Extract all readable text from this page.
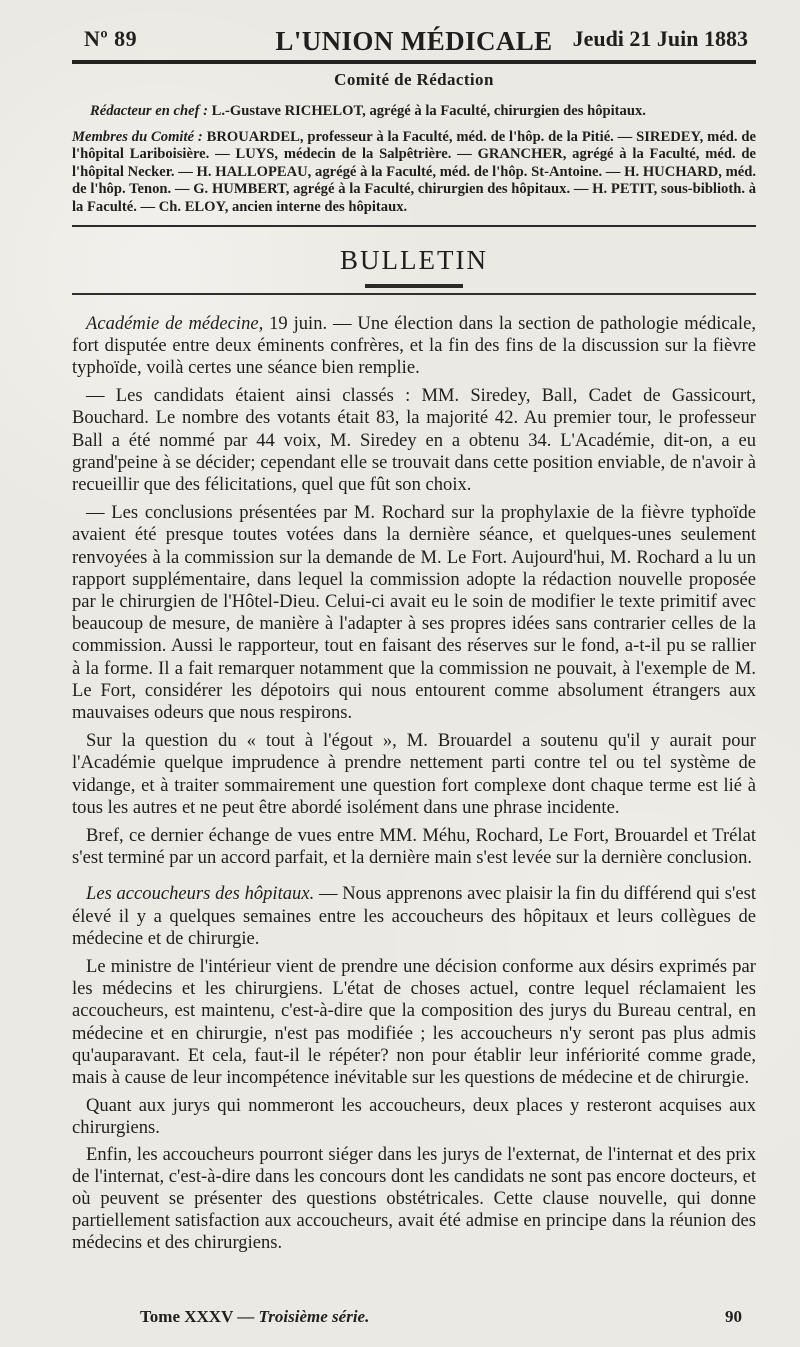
Nº 89	L'UNION MÉDICALE Jeudi 21 Juin 1883
Comité de Rédaction

Rédacteur en chef : L.-Gustave RICHELOT, agrégé à la Faculté, chirurgien des hôpitaux.

Membres du Comité : BROUARDEL, professeur à la Faculté, méd. de l'hôp. de la Pitié. — SIREDEY, méd. de l'hôpital Lariboisière. — LUYS, médecin de la Salpêtrière. — GRANCHER, agrégé à la Faculté, méd. de l'hôpital Necker. — H. HALLOPEAU, agrégé à la Faculté, méd. de l'hôp. St-Antoine. — H. HUCHARD, méd. de l'hôp. Tenon. — G. HUMBERT, agrégé à la Faculté, chirurgien des hôpitaux. — H. PETIT, sous-biblioth. à la Faculté. — Ch. ELOY, ancien interne des hôpitaux.

BULLETIN

Académie de médecine, 19 juin. — Une élection dans la section de pathologie médicale, fort disputée entre deux éminents confrères, et la fin des fins de la discussion sur la fièvre typhoïde, voilà certes une séance bien remplie.

— Les candidats étaient ainsi classés : MM. Siredey, Ball, Cadet de Gassicourt, Bouchard. Le nombre des votants était 83, la majorité 42. Au premier tour, le professeur Ball a été nommé par 44 voix, M. Siredey en a obtenu 34. L'Académie, dit-on, a eu grand'peine à se décider; cependant elle se trouvait dans cette position enviable, de n'avoir à recueillir que des félicitations, quel que fût son choix.

— Les conclusions présentées par M. Rochard sur la prophylaxie de la fièvre typhoïde avaient été presque toutes votées dans la dernière séance, et quelques-unes seulement renvoyées à la commission sur la demande de M. Le Fort. Aujourd'hui, M. Rochard a lu un rapport supplémentaire, dans lequel la commission adopte la rédaction nouvelle proposée par le chirurgien de l'Hôtel-Dieu. Celui-ci avait eu le soin de modifier le texte primitif avec beaucoup de mesure, de manière à l'adapter à ses propres idées sans contrarier celles de la commission. Aussi le rapporteur, tout en faisant des réserves sur le fond, a-t-il pu se rallier à la forme. Il a fait remarquer notamment que la commission ne pouvait, à l'exemple de M. Le Fort, considérer les dépotoirs qui nous entourent comme absolument étrangers aux mauvaises odeurs que nous respirons.

Sur la question du « tout à l'égout », M. Brouardel a soutenu qu'il y aurait pour l'Académie quelque imprudence à prendre nettement parti contre tel ou tel système de vidange, et à traiter sommairement une question fort complexe dont chaque terme est lié à tous les autres et ne peut être abordé isolément dans une phrase incidente.

Bref, ce dernier échange de vues entre MM. Méhu, Rochard, Le Fort, Brouardel et Trélat s'est terminé par un accord parfait, et la dernière main s'est levée sur la dernière conclusion.

Les accoucheurs des hôpitaux. — Nous apprenons avec plaisir la fin du différend qui s'est élevé il y a quelques semaines entre les accoucheurs des hôpitaux et leurs collègues de médecine et de chirurgie.

Le ministre de l'intérieur vient de prendre une décision conforme aux désirs exprimés par les médecins et les chirurgiens. L'état de choses actuel, contre lequel réclamaient les accoucheurs, est maintenu, c'est-à-dire que la composition des jurys du Bureau central, en médecine et en chirurgie, n'est pas modifiée ; les accoucheurs n'y seront pas plus admis qu'auparavant. Et cela, faut-il le répéter? non pour établir leur infériorité comme grade, mais à cause de leur incompétence inévitable sur les questions de médecine et de chirurgie.

Quant aux jurys qui nommeront les accoucheurs, deux places y resteront acquises aux chirurgiens.

Enfin, les accoucheurs pourront siéger dans les jurys de l'externat, de l'internat et des prix de l'internat, c'est-à-dire dans les concours dont les candidats ne sont pas encore docteurs, et où peuvent se présenter des questions obstétricales. Cette clause nouvelle, qui donne partiellement satisfaction aux accoucheurs, avait été admise en principe dans la réunion des médecins et des chirurgiens.

Tome XXXV — Troisième série.	90
